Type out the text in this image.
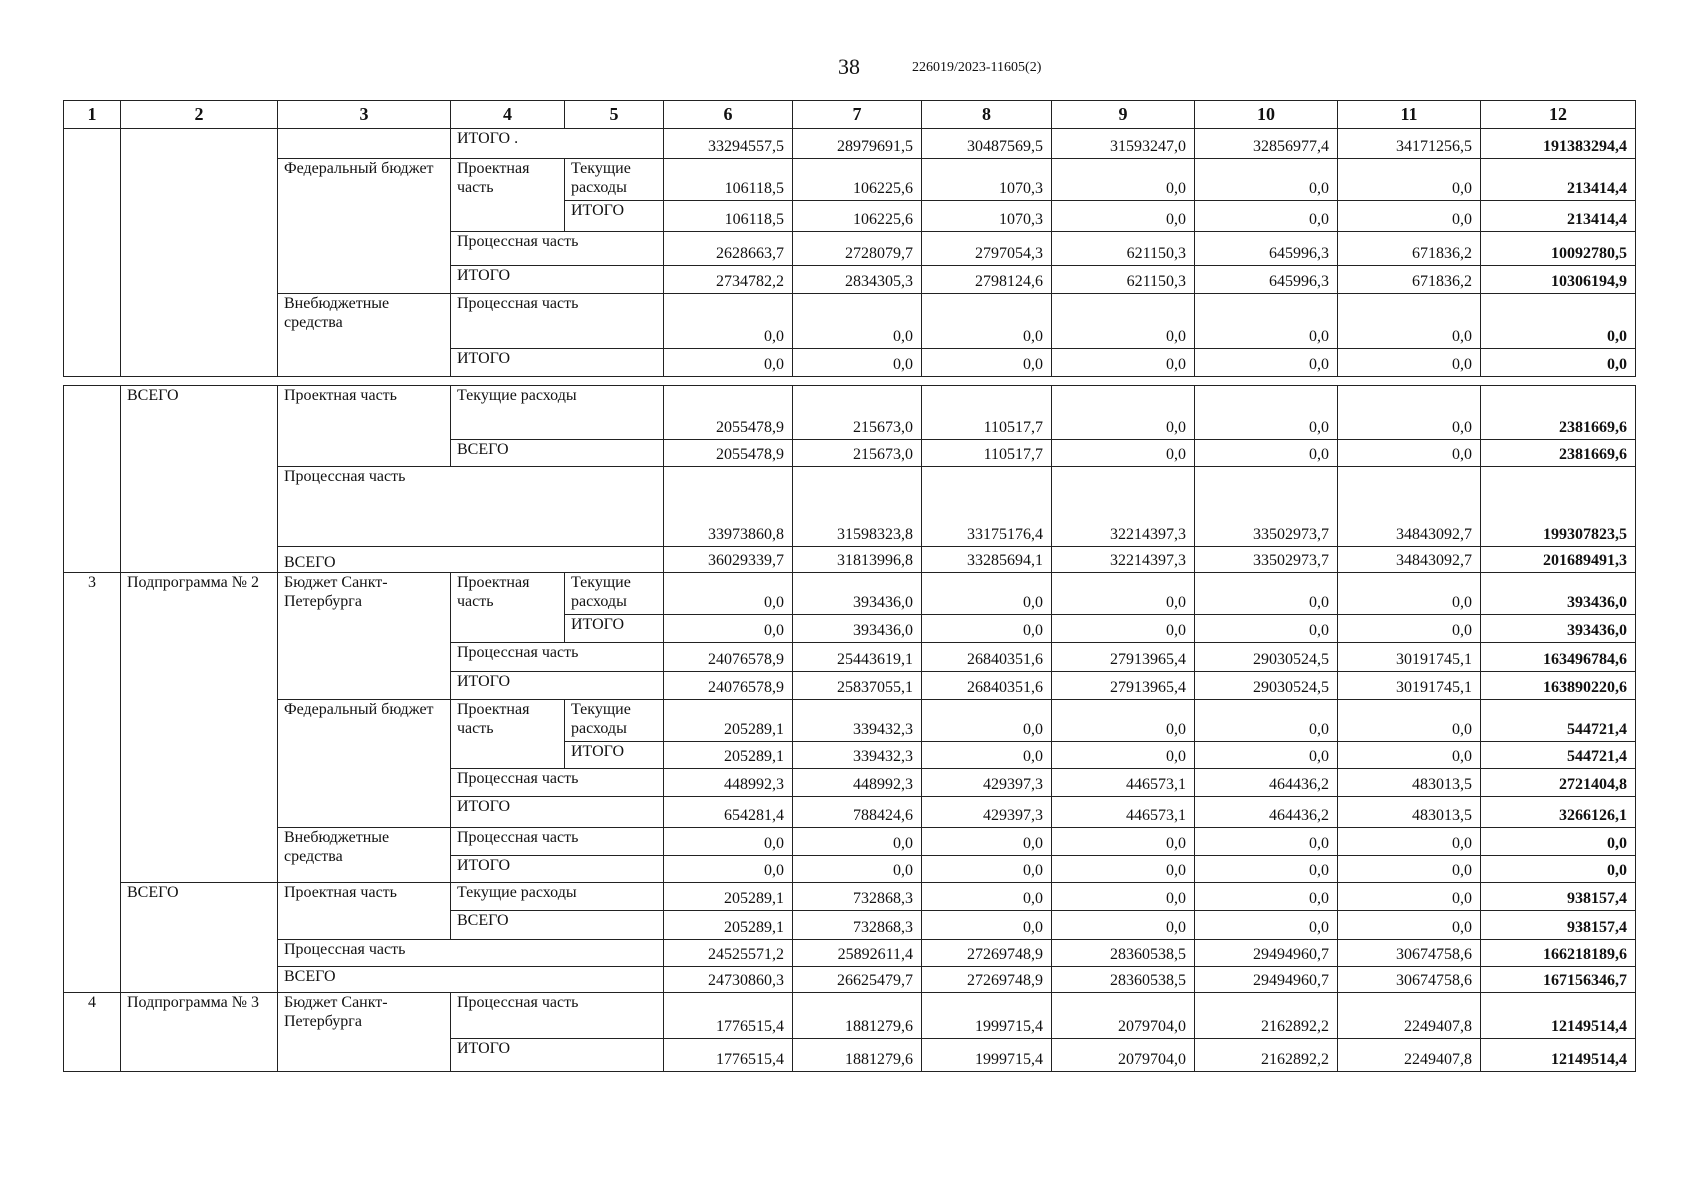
38	226019/2023-11605(2)
1	2	3	4	5	6	7	8	9	10	11	12
			ИТОГО .		33294557,5	28979691,5	30487569,5	31593247,0	32856977,4	34171256,5	191383294,4
		Федеральный бюджет	Проектная часть	Текущие расходы	106118,5	106225,6	1070,3	0,0	0,0	0,0	213414,4
				ИТОГО	106118,5	106225,6	1070,3	0,0	0,0	0,0	213414,4
			Процессная часть		2628663,7	2728079,7	2797054,3	621150,3	645996,3	671836,2	10092780,5
			ИТОГО		2734782,2	2834305,3	2798124,6	621150,3	645996,3	671836,2	10306194,9
		Внебюджетные средства	Процессная часть		0,0	0,0	0,0	0,0	0,0	0,0	0,0
			ИТОГО		0,0	0,0	0,0	0,0	0,0	0,0	0,0
	ВСЕГО	Проектная часть	Текущие расходы		2055478,9	215673,0	110517,7	0,0	0,0	0,0	2381669,6
			ВСЕГО		2055478,9	215673,0	110517,7	0,0	0,0	0,0	2381669,6
		Процессная часть			33973860,8	31598323,8	33175176,4	32214397,3	33502973,7	34843092,7	199307823,5
		ВСЕГО			36029339,7	31813996,8	33285694,1	32214397,3	33502973,7	34843092,7	201689491,3
3	Подпрограмма № 2	Бюджет Санкт-Петербурга	Проектная часть	Текущие расходы	0,0	393436,0	0,0	0,0	0,0	0,0	393436,0
				ИТОГО	0,0	393436,0	0,0	0,0	0,0	0,0	393436,0
			Процессная часть		24076578,9	25443619,1	26840351,6	27913965,4	29030524,5	30191745,1	163496784,6
			ИТОГО		24076578,9	25837055,1	26840351,6	27913965,4	29030524,5	30191745,1	163890220,6
		Федеральный бюджет	Проектная часть	Текущие расходы	205289,1	339432,3	0,0	0,0	0,0	0,0	544721,4
				ИТОГО	205289,1	339432,3	0,0	0,0	0,0	0,0	544721,4
			Процессная часть		448992,3	448992,3	429397,3	446573,1	464436,2	483013,5	2721404,8
			ИТОГО		654281,4	788424,6	429397,3	446573,1	464436,2	483013,5	3266126,1
		Внебюджетные средства	Процессная часть		0,0	0,0	0,0	0,0	0,0	0,0	0,0
			ИТОГО		0,0	0,0	0,0	0,0	0,0	0,0	0,0
	ВСЕГО	Проектная часть	Текущие расходы		205289,1	732868,3	0,0	0,0	0,0	0,0	938157,4
			ВСЕГО		205289,1	732868,3	0,0	0,0	0,0	0,0	938157,4
		Процессная часть			24525571,2	25892611,4	27269748,9	28360538,5	29494960,7	30674758,6	166218189,6
		ВСЕГО			24730860,3	26625479,7	27269748,9	28360538,5	29494960,7	30674758,6	167156346,7
4	Подпрограмма № 3	Бюджет Санкт-Петербурга	Процессная часть		1776515,4	1881279,6	1999715,4	2079704,0	2162892,2	2249407,8	12149514,4
			ИТОГО		1776515,4	1881279,6	1999715,4	2079704,0	2162892,2	2249407,8	12149514,4
